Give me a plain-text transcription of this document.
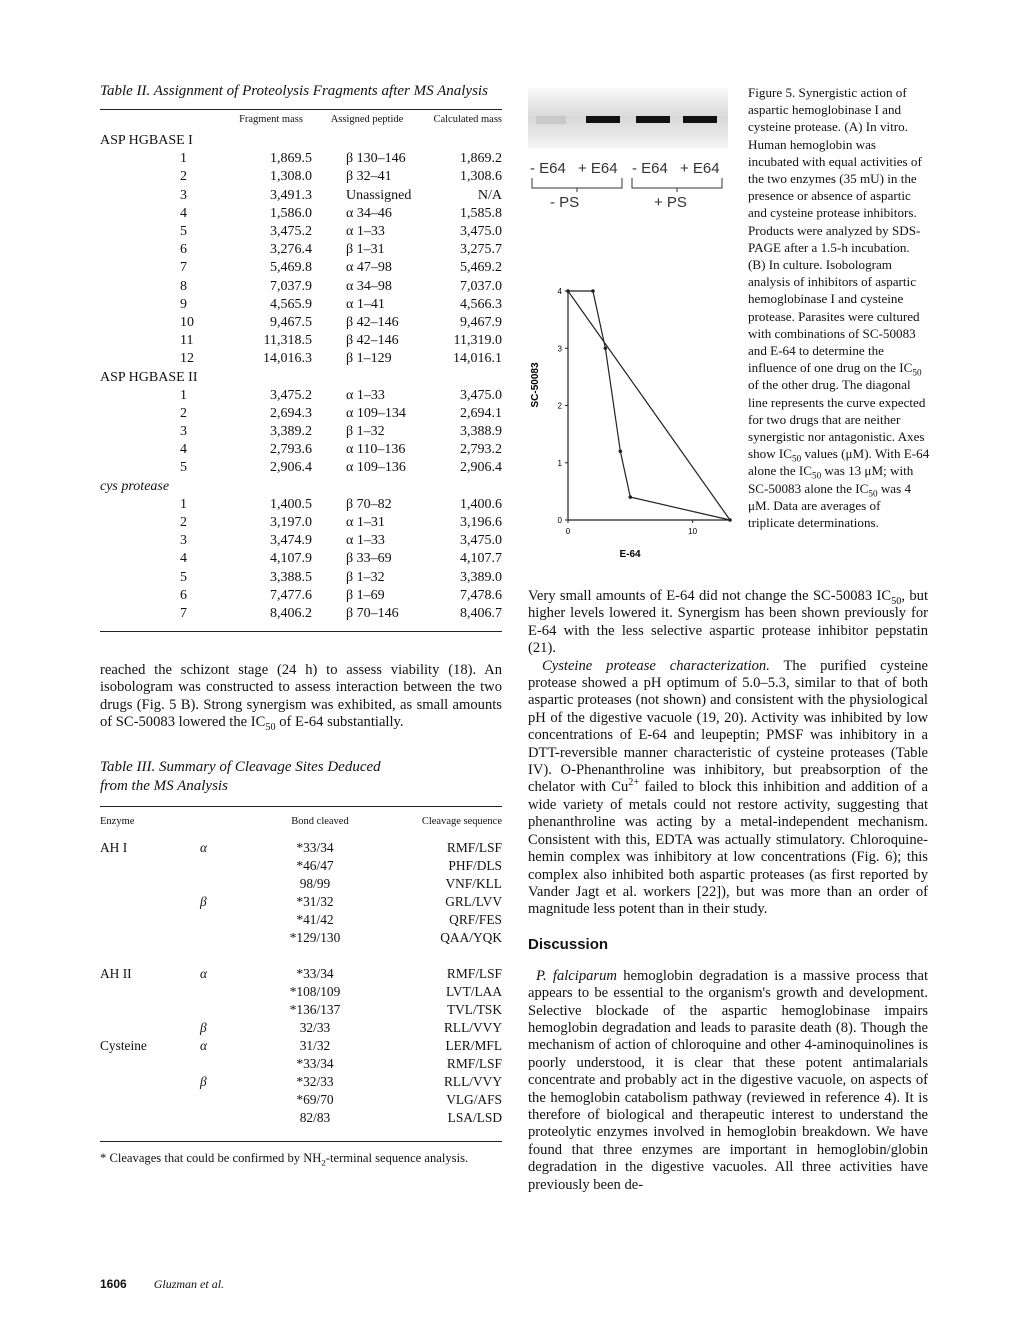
Table II. Assignment of Proteolysis Fragments after MS Analysis
	Fragment mass	Assigned peptide	Calculated mass
ASP HGBASE I			
1	1,869.5	β 130–146	1,869.2
2	1,308.0	β 32–41	1,308.6
3	3,491.3	Unassigned	N/A
4	1,586.0	α 34–46	1,585.8
5	3,475.2	α 1–33	3,475.0
6	3,276.4	β 1–31	3,275.7
7	5,469.8	α 47–98	5,469.2
8	7,037.9	α 34–98	7,037.0
9	4,565.9	α 1–41	4,566.3
10	9,467.5	β 42–146	9,467.9
11	11,318.5	β 42–146	11,319.0
12	14,016.3	β 1–129	14,016.1
ASP HGBASE II			
1	3,475.2	α 1–33	3,475.0
2	2,694.3	α 109–134	2,694.1
3	3,389.2	β 1–32	3,388.9
4	2,793.6	α 110–136	2,793.2
5	2,906.4	α 109–136	2,906.4
cys protease			
1	1,400.5	β 70–82	1,400.6
2	3,197.0	α 1–31	3,196.6
3	3,474.9	α 1–33	3,475.0
4	4,107.9	β 33–69	4,107.7
5	3,388.5	β 1–32	3,389.0
6	7,477.6	β 1–69	7,478.6
7	8,406.2	β 70–146	8,406.7

reached the schizont stage (24 h) to assess viability (18). An isobologram was constructed to assess interaction between the two drugs (Fig. 5 B). Strong synergism was exhibited, as small amounts of SC-50083 lowered the $IC_{50}$ of E-64 substantially.

Table III. Summary of Cleavage Sites Deduced
from the MS Analysis
Enzyme		Bond cleaved	Cleavage sequence
AH I	α	*33/34	RMF/LSF
		*46/47	PHF/DLS
		98/99	VNF/KLL
	β	*31/32	GRL/LVV
		*41/42	QRF/FES
		*129/130	QAA/YQK

AH II	α	*33/34	RMF/LSF
		*108/109	LVT/LAA
		*136/137	TVL/TSK
	β	32/33	RLL/VVY
Cysteine	α	31/32	LER/MFL
		*33/34	RMF/LSF
	β	*32/33	RLL/VVY
		*69/70	VLG/AFS
		82/83	LSA/LSD
* Cleavages that could be confirmed by $NH_2$-terminal sequence analysis.
1606 Gluzman et al.
- E64 + E64 - E64 + E64
- PS	+ PS
0
1
2
3
4
0	10
SC-50083
E-64
Figure 5. Synergistic action of aspartic hemoglobinase I and cysteine protease. (A) In vitro. Human hemoglobin was incubated with equal activities of the two enzymes (35 mU) in the presence or absence of aspartic and cysteine protease inhibitors. Products were analyzed by SDS-PAGE after a 1.5-h incubation. (B) In culture. Isobologram analysis of inhibitors of aspartic hemoglobinase I and cysteine protease. Parasites were cultured with combinations of SC-50083 and E-64 to determine the influence of one drug on the $IC_{50}$ of the other drug. The diagonal line represents the curve expected for two drugs that are neither synergistic nor antagonistic. Axes show $IC_{50}$ values (μM). With E-64 alone the $IC_{50}$ was 13 μM; with SC-50083 alone the $IC_{50}$ was 4 μM. Data are averages of triplicate determinations.

Very small amounts of E-64 did not change the SC-50083 $IC_{50}$, but higher levels lowered it. Synergism has been shown previously for E-64 with the less selective aspartic protease inhibitor pepstatin (21).

Cysteine protease characterization. The purified cysteine protease showed a pH optimum of 5.0–5.3, similar to that of both aspartic proteases (not shown) and consistent with the physiological pH of the digestive vacuole (19, 20). Activity was inhibited by low concentrations of E-64 and leupeptin; PMSF was inhibitory in a DTT-reversible manner characteristic of cysteine proteases (Table IV). O-Phenanthroline was inhibitory, but preabsorption of the chelator with $Cu^{2+}$ failed to block this inhibition and addition of a wide variety of metals could not restore activity, suggesting that phenanthroline was acting by a metal-independent mechanism. Consistent with this, EDTA was actually stimulatory. Chloroquine-hemin complex was inhibitory at low concentrations (Fig. 6); this complex also inhibited both aspartic proteases (as first reported by Vander Jagt et al. workers [22]), but was more than an order of magnitude less potent than in their study.

Discussion

P. falciparum hemoglobin degradation is a massive process that appears to be essential to the organism's growth and development. Selective blockade of the aspartic hemoglobinase impairs hemoglobin degradation and leads to parasite death (8). Though the mechanism of action of chloroquine and other 4-aminoquinolines is poorly understood, it is clear that these potent antimalarials concentrate and probably act in the digestive vacuole, on aspects of the hemoglobin catabolism pathway (reviewed in reference 4). It is therefore of biological and therapeutic interest to understand the proteolytic enzymes involved in hemoglobin breakdown. We have found that three enzymes are important in hemoglobin/globin degradation in the digestive vacuoles. All three activities have previously been de-
